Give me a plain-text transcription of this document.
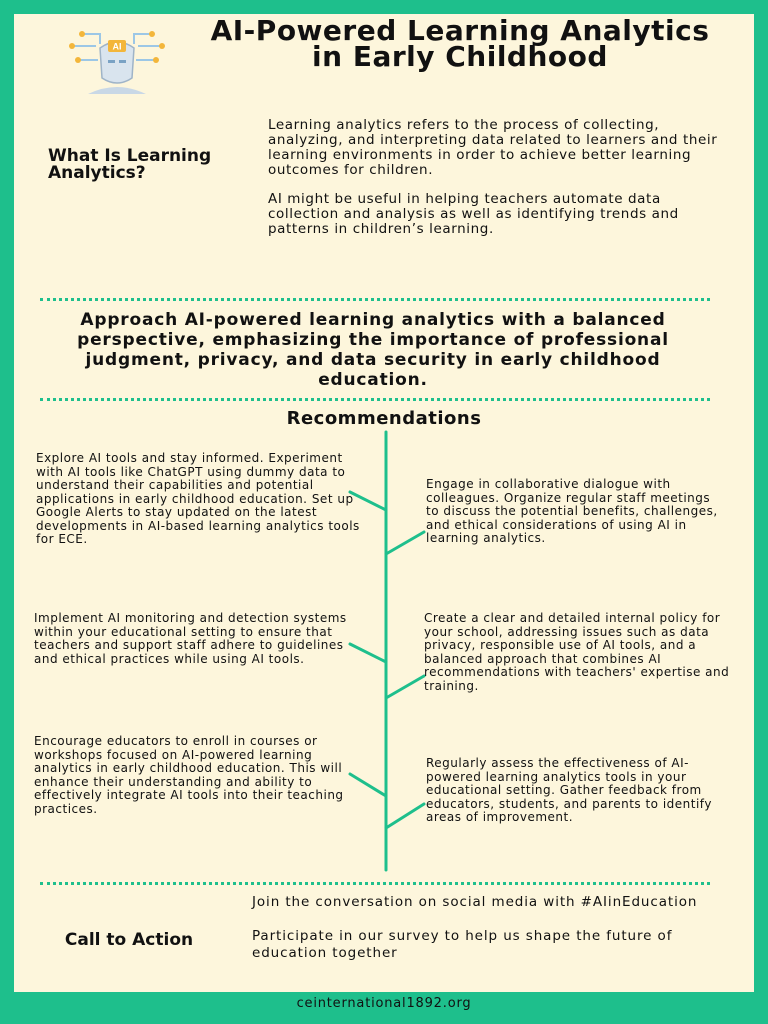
AI	AI-Powered Learning Analytics in Early Childhood
What Is Learning Analytics?

Learning analytics refers to the process of collecting, analyzing, and interpreting data related to learners and their learning environments in order to achieve better learning outcomes for children.

AI might be useful in helping teachers automate data collection and analysis as well as identifying trends and patterns in children’s learning.

Approach AI-powered learning analytics with a balanced perspective, emphasizing the importance of professional judgment, privacy, and data security in early childhood education.
Recommendations
Explore AI tools and stay informed. Experiment with AI tools like ChatGPT using dummy data to understand their capabilities and potential applications in early childhood education. Set up Google Alerts to stay updated on the latest developments in AI-based learning analytics tools for ECE.
Engage in collaborative dialogue with colleagues. Organize regular staff meetings to discuss the potential benefits, challenges, and ethical considerations of using AI in learning analytics.
Implement AI monitoring and detection systems within your educational setting to ensure that teachers and support staff adhere to guidelines and ethical practices while using AI tools.
Create a clear and detailed internal policy for your school, addressing issues such as data privacy, responsible use of AI tools, and a balanced approach that combines AI recommendations with teachers' expertise and training.
Encourage educators to enroll in courses or workshops focused on AI-powered learning analytics in early childhood education. This will enhance their understanding and ability to effectively integrate AI tools into their teaching practices.
Regularly assess the effectiveness of AI-powered learning analytics tools in your educational setting. Gather feedback from educators, students, and parents to identify areas of improvement.
Call to Action

Join the conversation on social media with #AIinEducation

Participate in our survey to help us shape the future of education together

ceinternational1892.org
